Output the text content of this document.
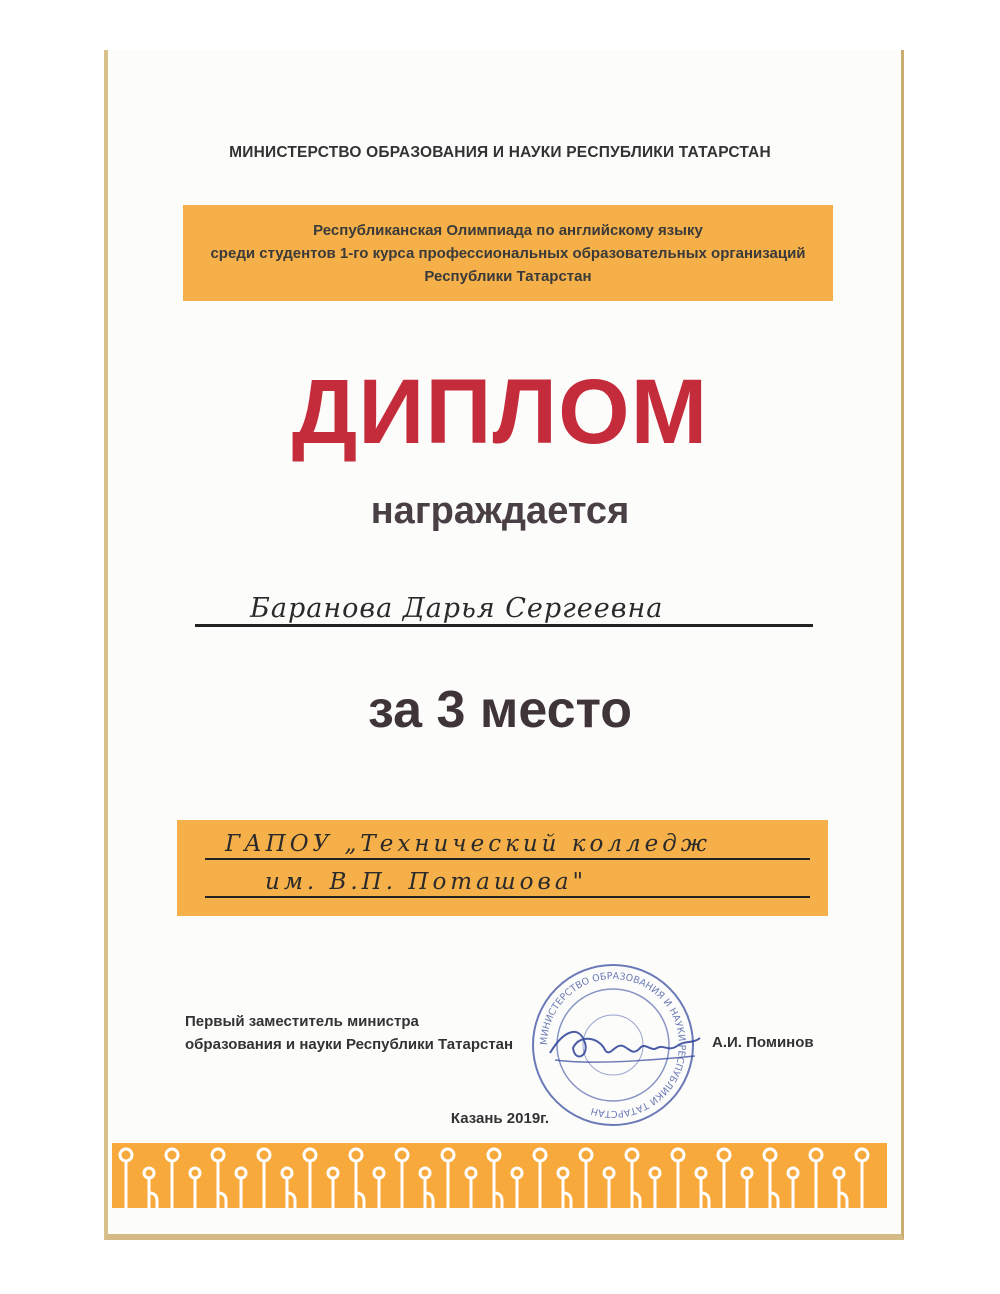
МИНИСТЕРСТВО ОБРАЗОВАНИЯ И НАУКИ РЕСПУБЛИКИ ТАТАРСТАН
Республиканская Олимпиада по английскому языку
среди студентов 1-го курса профессиональных образовательных организаций
Республики Татарстан
ДИПЛОМ
награждается
Баранова Дарья Сергеевна
за 3 место
ГАПОУ „Технический колледж
им. В.П. Поташова"
Первый заместитель министра
образования и науки Республики Татарстан	МИНИСТЕРСТВО ОБРАЗОВАНИЯ И НАУКИ РЕСПУБЛИКИ ТАТАРСТАН
А.И. Поминов
Казань 2019г.
